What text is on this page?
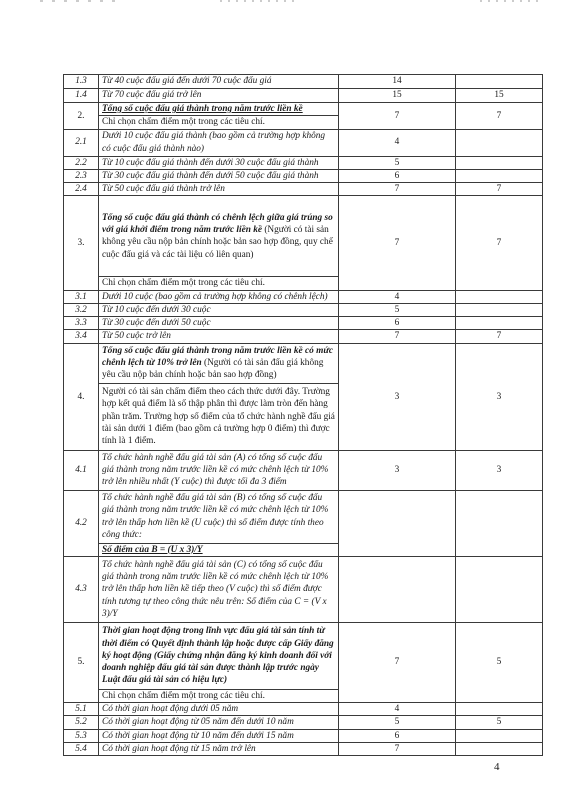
1.3	Từ 40 cuộc đấu giá đến dưới 70 cuộc đấu giá	14	
1.4	Từ 70 cuộc đấu giá trở lên	15	15
2.	Tổng số cuộc đấu giá thành trong năm trước liền kề	7	7
	Chỉ chọn chấm điểm một trong các tiêu chí.		
2.1	Dưới 10 cuộc đấu giá thành (bao gồm cả trường hợp không có cuộc đấu giá thành nào)	4	
2.2	Từ 10 cuộc đấu giá thành đến dưới 30 cuộc đấu giá thành	5	
2.3	Từ 30 cuộc đấu giá thành đến dưới 50 cuộc đấu giá thành	6	
2.4	Từ 50 cuộc đấu giá thành trở lên	7	7
3.	Tổng số cuộc đấu giá thành có chênh lệch giữa giá trúng so với giá khởi điểm trong năm trước liền kề (Người có tài sản không yêu cầu nộp bản chính hoặc bản sao hợp đồng, quy chế cuộc đấu giá và các tài liệu có liên quan)	7	7
	Chỉ chọn chấm điểm một trong các tiêu chí.		
3.1	Dưới 10 cuộc (bao gồm cả trường hợp không có chênh lệch)	4	
3.2	Từ 10 cuộc đến dưới 30 cuộc	5	
3.3	Từ 30 cuộc đến dưới 50 cuộc	6	
3.4	Từ 50 cuộc trở lên	7	7
4.	Tổng số cuộc đấu giá thành trong năm trước liền kề có mức chênh lệch từ 10% trở lên (Người có tài sản đấu giá không yêu cầu nộp bản chính hoặc bản sao hợp đồng)	3	3
	Người có tài sản chấm điểm theo cách thức dưới đây. Trường hợp kết quả điểm là số thập phân thì được làm tròn đến hàng phần trăm. Trường hợp số điểm của tổ chức hành nghề đấu giá tài sản dưới 1 điểm (bao gồm cả trường hợp 0 điểm) thì được tính là 1 điểm.		
4.1	Tổ chức hành nghề đấu giá tài sản (A) có tổng số cuộc đấu giá thành trong năm trước liền kề có mức chênh lệch từ 10% trở lên nhiều nhất (Y cuộc) thì được tối đa 3 điểm	3	3
4.2	Tổ chức hành nghề đấu giá tài sản (B) có tổng số cuộc đấu giá thành trong năm trước liền kề có mức chênh lệch từ 10% trở lên thấp hơn liền kề (U cuộc) thì số điểm được tính theo công thức:		
	Số điểm của B = (U x 3)/Y		
4.3	Tổ chức hành nghề đấu giá tài sản (C) có tổng số cuộc đấu giá thành trong năm trước liền kề có mức chênh lệch từ 10% trở lên thấp hơn liền kề tiếp theo (V cuộc) thì số điểm được tính tương tự theo công thức nêu trên: Số điểm của C = (V x 3)/Y		
5.	Thời gian hoạt động trong lĩnh vực đấu giá tài sản tính từ thời điểm có Quyết định thành lập hoặc được cấp Giấy đăng ký hoạt động (Giấy chứng nhận đăng ký kinh doanh đối với doanh nghiệp đấu giá tài sản được thành lập trước ngày Luật đấu giá tài sản có hiệu lực)	7	5
	Chỉ chọn chấm điểm một trong các tiêu chí.		
5.1	Có thời gian hoạt động dưới 05 năm	4	
5.2	Có thời gian hoạt động từ 05 năm đến dưới 10 năm	5	5
5.3	Có thời gian hoạt động từ 10 năm đến dưới 15 năm	6	
5.4	Có thời gian hoạt động từ 15 năm trở lên	7	
4
